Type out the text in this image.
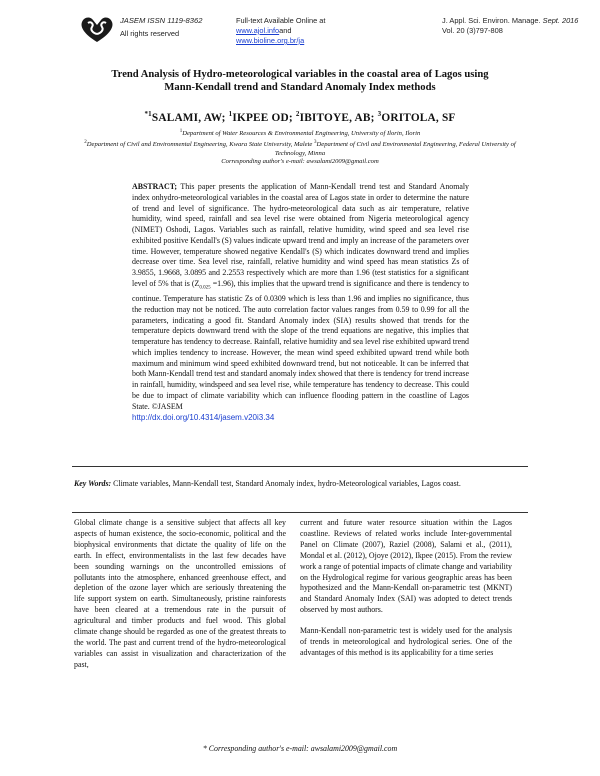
JASEM ISSN 1119-8362
All rights reserved
Full-text Available Online at
www.ajol.infoand
www.bioline.org.br/ja
J. Appl. Sci. Environ. Manage. Sept. 2016
Vol. 20 (3)797-808
Trend Analysis of Hydro-meteorological variables in the coastal area of Lagos using
Mann-Kendall trend and Standard Anomaly Index methods
$^{*1}$SALAMI, AW; $^1$IKPEE OD; $^2$IBITOYE, AB; $^3$ORITOLA, SF
$^1$Department of Water Resources & Environmental Engineering, University of Ilorin, Ilorin
$^2$Department of Civil and Environmental Engineering, Kwara State University, Malete $^3$Department of Civil and Environmental Engineering, Federal University of Technology, Minna
Corresponding author's e-mail: awsalami2009@gmail.com
ABSTRACT; This paper presents the application of Mann-Kendall trend test and Standard Anomaly index onhydro-meteorological variables in the coastal area of Lagos state in order to determine the nature of trend and level of significance. The hydro-meteorological data such as air temperature, relative humidity, wind speed, rainfall and sea level rise were obtained from Nigeria meteorological agency (NIMET) Oshodi, Lagos. Variables such as rainfall, relative humidity, wind speed and sea level rise exhibited positive Kendall's (S) values indicate upward trend and imply an increase of the parameters over time. However, temperature showed negative Kendall's (S) which indicates downward trend and implies decrease over time. Sea level rise, rainfall, relative humidity and wind speed has mean statistics Zs of 3.9855, 1.9668, 3.0895 and 2.2553 respectively which are more than 1.96 (test statistics for a significant level of 5% that is $(Z_{0.025} =1.96)$, this implies that the upward trend is significance and there is tendency to continue. Temperature has statistic Zs of 0.0309 which is less than 1.96 and implies no significance, thus the reduction may not be noticed. The auto correlation factor values ranges from 0.59 to 0.99 for all the parameters, indicating a good fit. Standard Anomaly index (SIA) results showed that trends for the temperature depicts downward trend with the slope of the trend equations are negative, this implies that temperature has tendency to decrease. Rainfall, relative humidity and sea level rise exhibited upward trend which implies tendency to increase. However, the mean wind speed exhibited upward trend while both maximum and minimum wind speed exhibited downward trend, but not noticeable. It can be inferred that both Mann-Kendall trend test and standard anomaly index showed that there is tendency for trend increase in rainfall, humidity, windspeed and sea level rise, while temperature has tendency to decrease. This could be due to impact of climate variability which can influence flooding pattern in the coastline of Lagos State. ©JASEM
http://dx.doi.org/10.4314/jasem.v20i3.34
Key Words: Climate variables, Mann-Kendall test, Standard Anomaly index, hydro-Meteorological variables, Lagos coast.

Global climate change is a sensitive subject that affects all key aspects of human existence, the socio-economic, political and the biophysical environments that dictate the quality of life on the earth. In effect, environmentalists in the last few decades have been sounding warnings on the uncontrolled emissions of pollutants into the atmosphere, enhanced greenhouse effect, and depletion of the ozone layer which are seriously threatening the life support system on earth. Simultaneously, pristine rainforests have been cleared at a tremendous rate in the pursuit of agricultural and timber products and fuel wood. This global climate change should be regarded as one of the greatest threats to the world. The past and current trend of the hydro-meteorological variables can assist in visualization and characterization of the past,

current and future water resource situation within the Lagos coastline. Reviews of related works include Inter-governmental Panel on Climate (2007), Raziel (2008), Salami et al., (2011), Mondal et al. (2012), Ojoye (2012), Ikpee (2015). From the review work a range of potential impacts of climate change and variability on the Hydrological regime for various geographic areas has been hypothesized and the Mann-Kendall on-parametric test (MKNT) and Standard Anomaly Index (SAI) was adopted to detect trends observed by most authors.

Mann-Kendall non-parametric test is widely used for the analysis of trends in meteorological and hydrological series. One of the advantages of this method is its applicability for a time series

* Corresponding author's e-mail: awsalami2009@gmail.com
